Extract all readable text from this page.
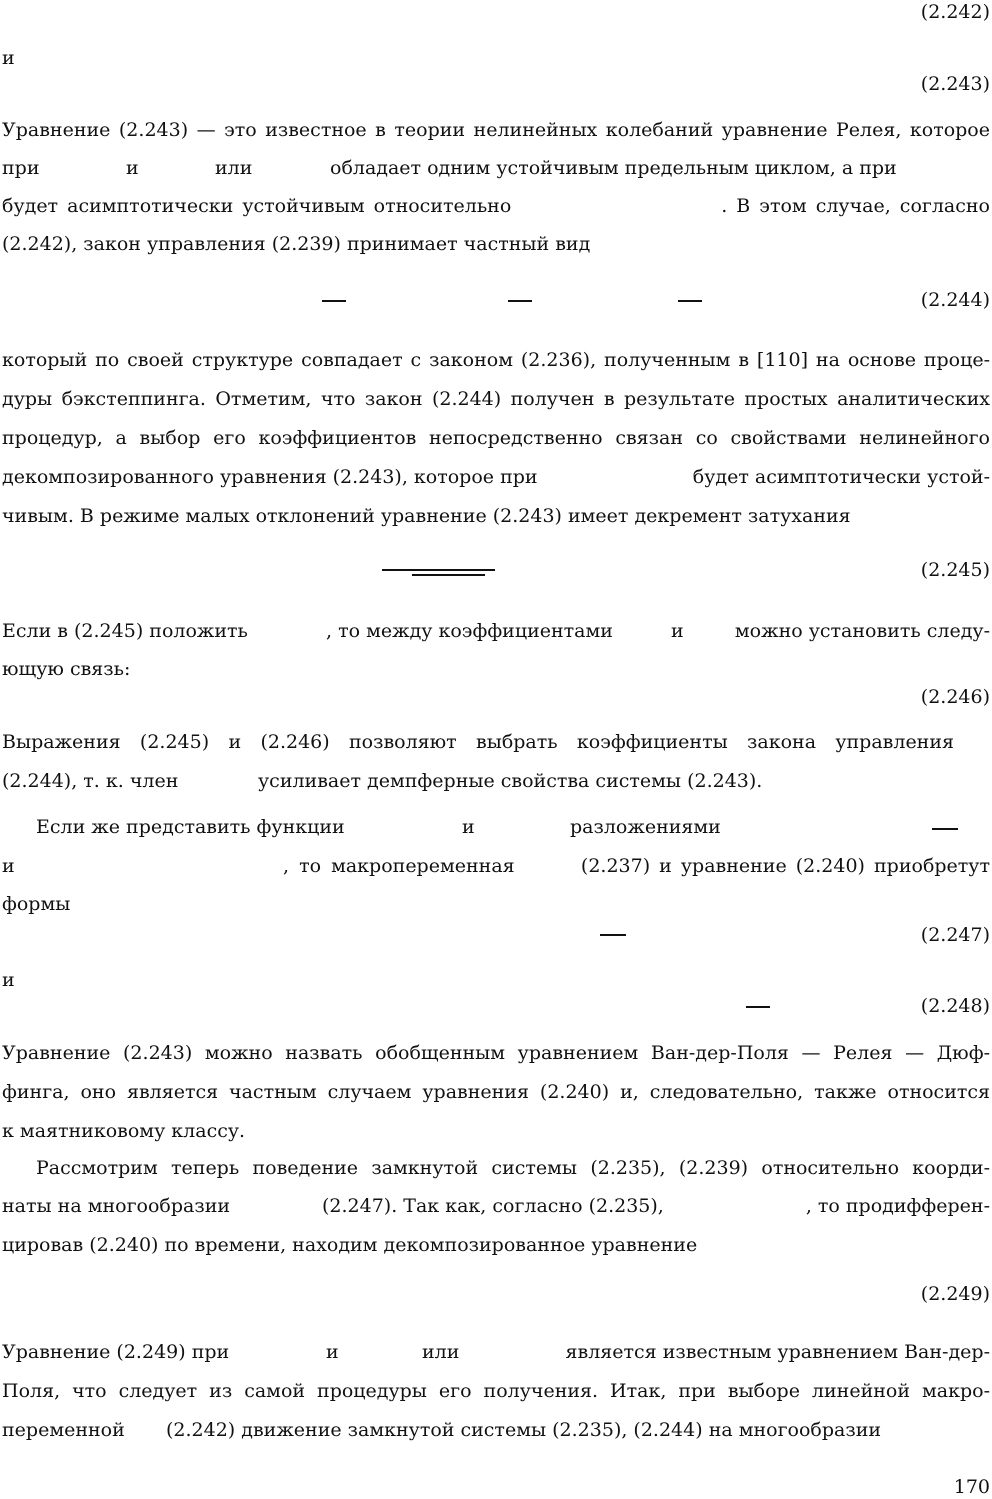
(2.242)
и
(2.243)
Уравнение (2.243) — это известное в теории нелинейных колебаний уравнение Релея, которое
при	и	или	обладает одним устойчивым предельным циклом, а при
будет асимптотически устойчивым относительно	. В этом случае, согласно
(2.242), закон управления (2.239) принимает частный вид
(2.244)
который по своей структуре совпадает с законом (2.236), полученным в [110] на основе проце-
дуры бэкстеппинга. Отметим, что закон (2.244) получен в результате простых аналитических
процедур, а выбор его коэффициентов непосредственно связан со свойствами нелинейного
декомпозированного уравнения (2.243), которое при	будет асимптотически устой-
чивым. В режиме малых отклонений уравнение (2.243) имеет декремент затухания
(2.245)
Если в (2.245) положить	, то между коэффициентами	и	можно установить следу-
ющую связь:
(2.246)
Выражения (2.245) и (2.246) позволяют выбрать коэффициенты закона управления
(2.244), т. к. член	усиливает демпферные свойства системы (2.243).
Если же представить функции	и	разложениями
и	, то макропеременная	(2.237) и уравнение (2.240) приобретут
формы
(2.247)
и
(2.248)
Уравнение (2.243) можно назвать обобщенным уравнением Ван-дер-Поля — Релея — Дюф-
финга, оно является частным случаем уравнения (2.240) и, следовательно, также относится
к маятниковому классу.
Рассмотрим теперь поведение замкнутой системы (2.235), (2.239) относительно коорди-
наты на многообразии	(2.247). Так как, согласно (2.235),	, то продифферен-
цировав (2.240) по времени, находим декомпозированное уравнение
(2.249)
Уравнение (2.249) при	и	или	является известным уравнением Ван-дер-
Поля, что следует из самой процедуры его получения. Итак, при выборе линейной макро-
переменной (2.242) движение замкнутой системы (2.235), (2.244) на многообразии
170
